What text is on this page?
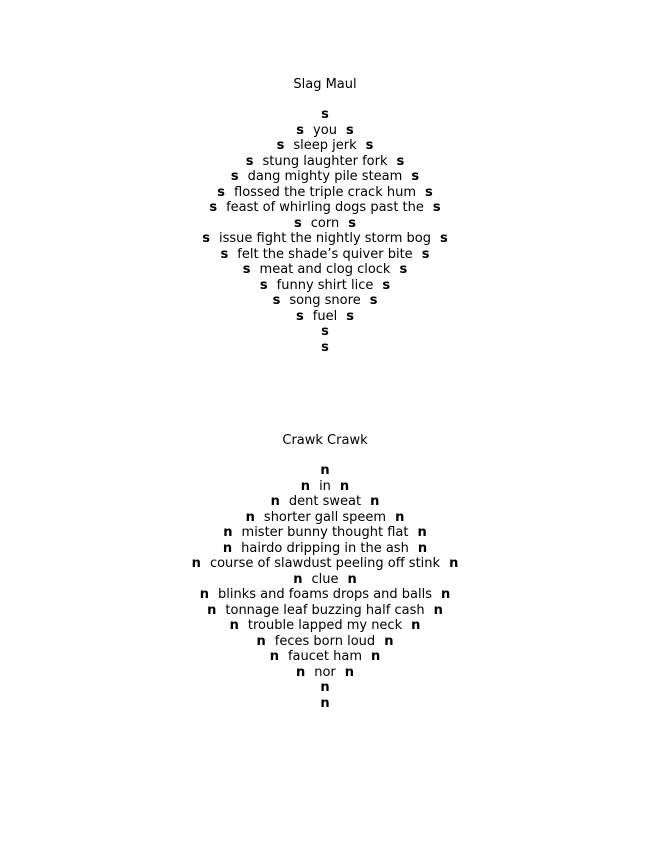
Slag Maul
s
s you s
s sleep jerk s
s stung laughter fork s
s dang mighty pile steam s
s flossed the triple crack hum s
s feast of whirling dogs past the s
s corn s
s issue fight the nightly storm bog s
s felt the shade’s quiver bite s
s meat and clog clock s
s funny shirt lice s
s song snore s
s fuel s
s
s
Crawk Crawk
n
n in n
n dent sweat n
n shorter gall speem n
n mister bunny thought flat n
n hairdo dripping in the ash n
n course of slawdust peeling off stink n
n clue n
n blinks and foams drops and balls n
n tonnage leaf buzzing half cash n
n trouble lapped my neck n
n feces born loud n
n faucet ham n
n nor n
n
n
